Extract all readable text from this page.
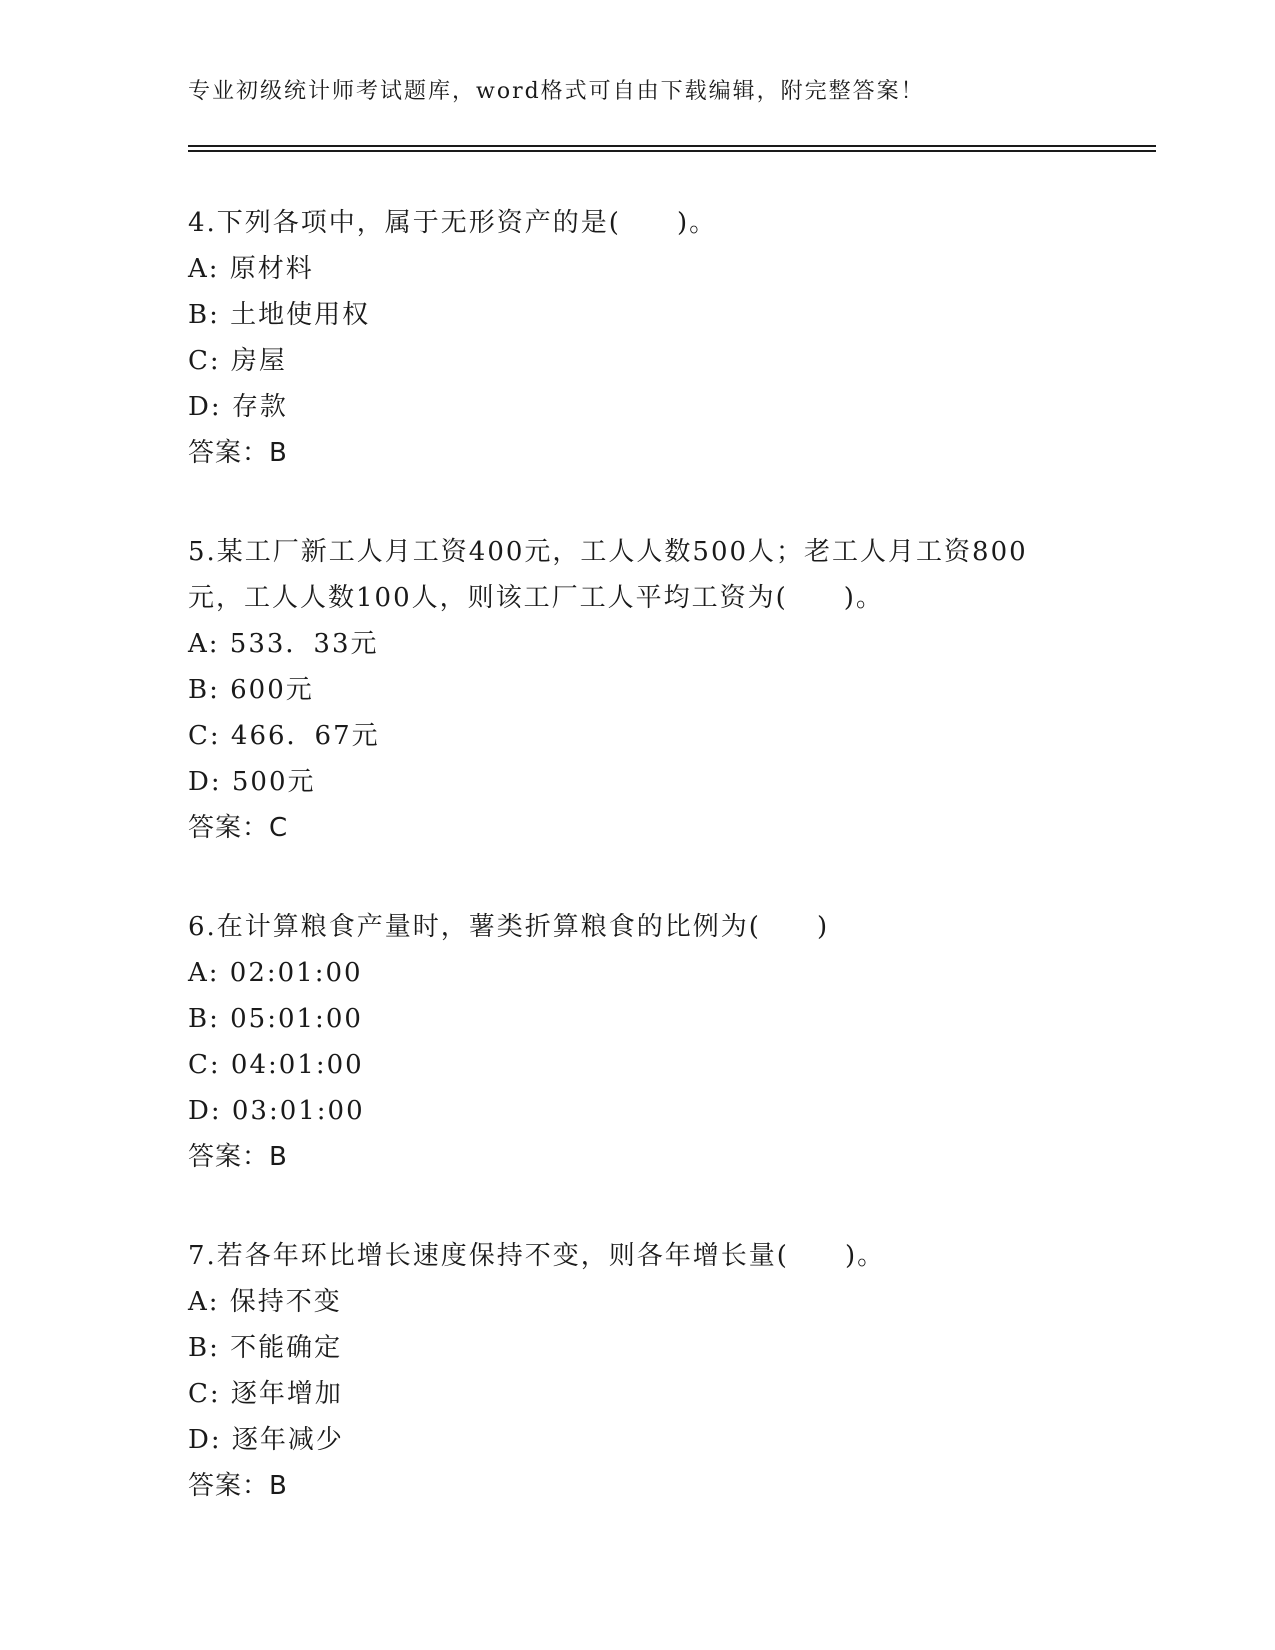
专业初级统计师考试题库，word格式可自由下载编辑，附完整答案！
4.下列各项中，属于无形资产的是(　　)。
A: 原材料
B: 土地使用权
C: 房屋
D: 存款
答案：B
5.某工厂新工人月工资400元，工人人数500人；老工人月工资800
元，工人人数100人，则该工厂工人平均工资为(　　)。
A: 533．33元
B: 600元
C: 466．67元
D: 500元
答案：C
6.在计算粮食产量时，薯类折算粮食的比例为(　　)
A: 02:01:00
B: 05:01:00
C: 04:01:00
D: 03:01:00
答案：B
7.若各年环比增长速度保持不变，则各年增长量(　　)。
A: 保持不变
B: 不能确定
C: 逐年增加
D: 逐年减少
答案：B
